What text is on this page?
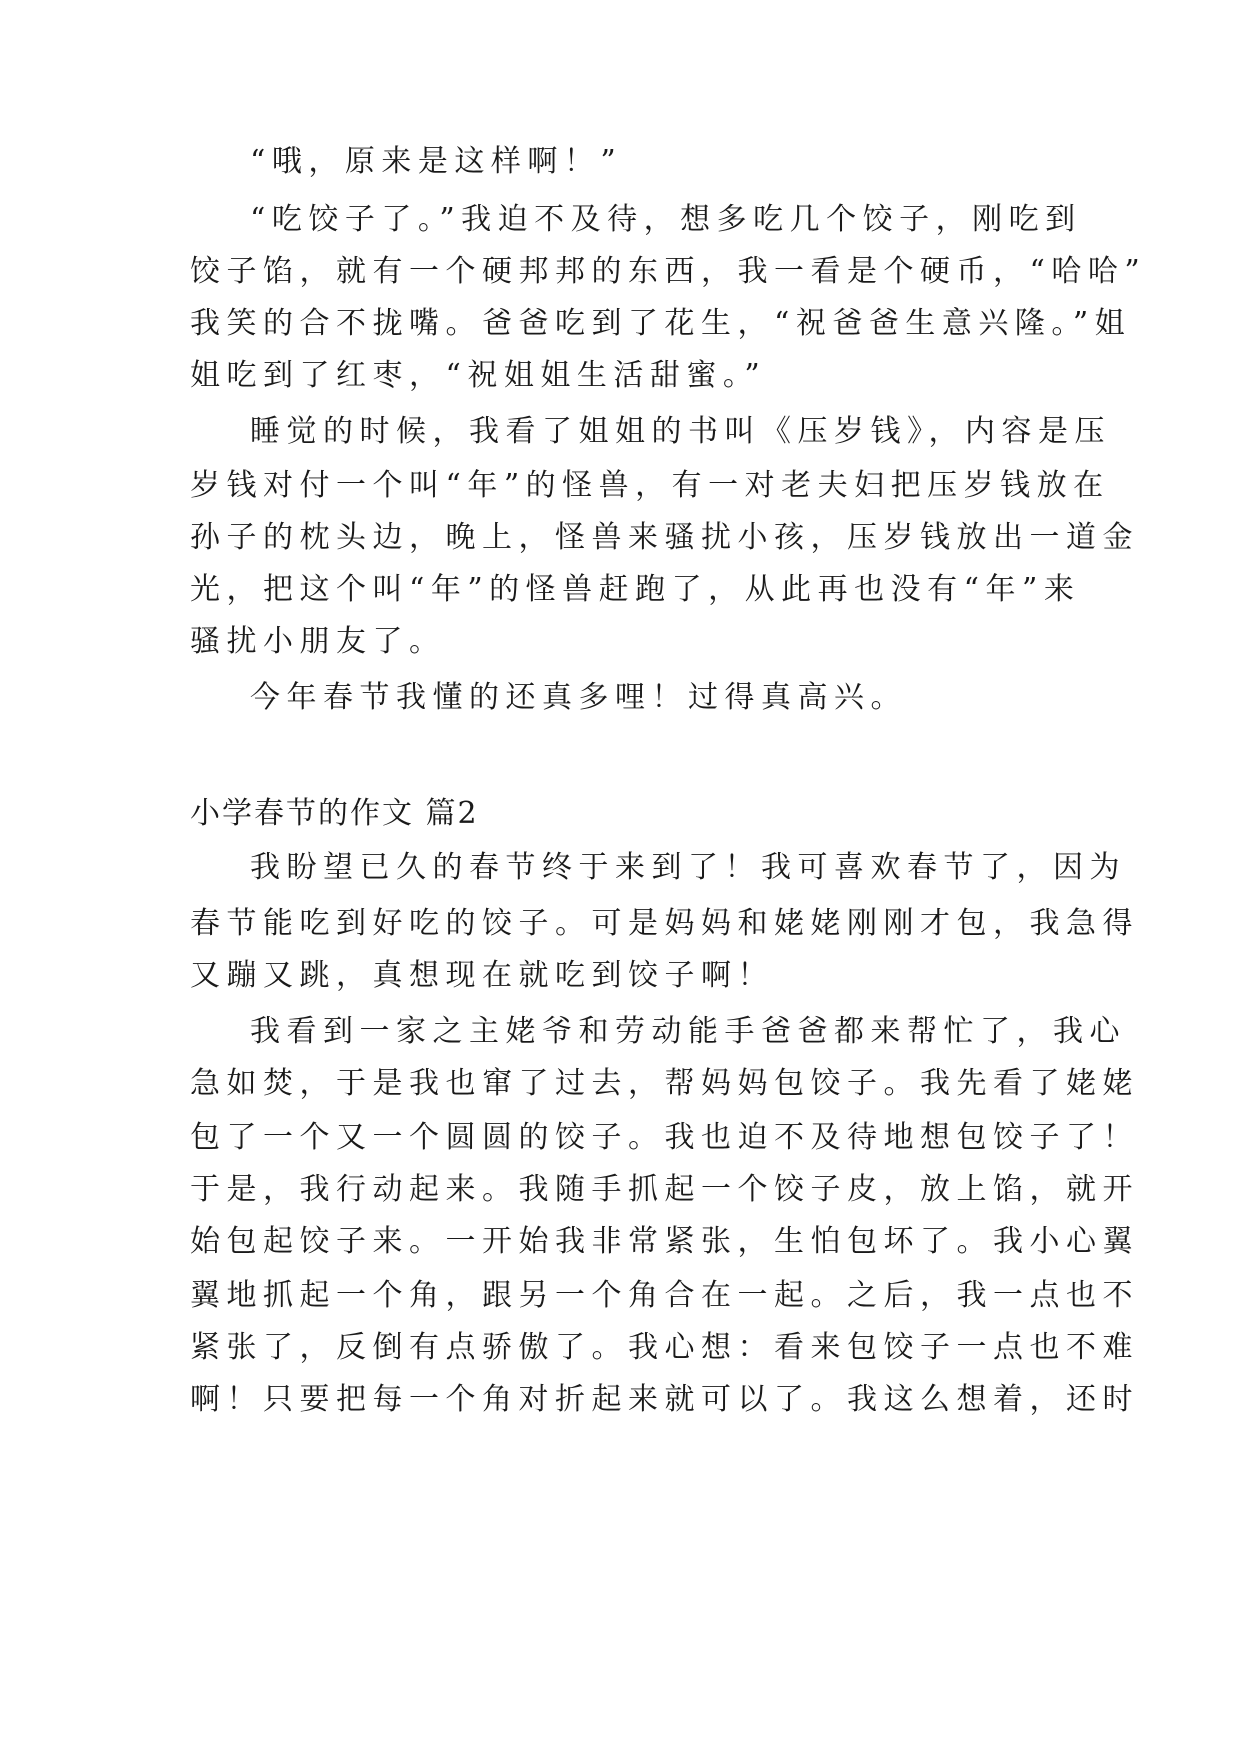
“哦，原来是这样啊！”
“吃饺子了。”我迫不及待，想多吃几个饺子，刚吃到
饺子馅，就有一个硬邦邦的东西，我一看是个硬币，“哈哈”
我笑的合不拢嘴。爸爸吃到了花生，“祝爸爸生意兴隆。”姐
姐吃到了红枣，“祝姐姐生活甜蜜。”
睡觉的时候，我看了姐姐的书叫《压岁钱》，内容是压
岁钱对付一个叫“年”的怪兽，有一对老夫妇把压岁钱放在
孙子的枕头边，晚上，怪兽来骚扰小孩，压岁钱放出一道金
光，把这个叫“年”的怪兽赶跑了，从此再也没有“年”来
骚扰小朋友了。
今年春节我懂的还真多哩！过得真高兴。
小学春节的作文 篇2
我盼望已久的春节终于来到了！我可喜欢春节了，因为
春节能吃到好吃的饺子。可是妈妈和姥姥刚刚才包，我急得
又蹦又跳，真想现在就吃到饺子啊！
我看到一家之主姥爷和劳动能手爸爸都来帮忙了，我心
急如焚，于是我也窜了过去，帮妈妈包饺子。我先看了姥姥
包了一个又一个圆圆的饺子。我也迫不及待地想包饺子了！
于是，我行动起来。我随手抓起一个饺子皮，放上馅，就开
始包起饺子来。一开始我非常紧张，生怕包坏了。我小心翼
翼地抓起一个角，跟另一个角合在一起。之后，我一点也不
紧张了，反倒有点骄傲了。我心想：看来包饺子一点也不难
啊！只要把每一个角对折起来就可以了。我这么想着，还时
